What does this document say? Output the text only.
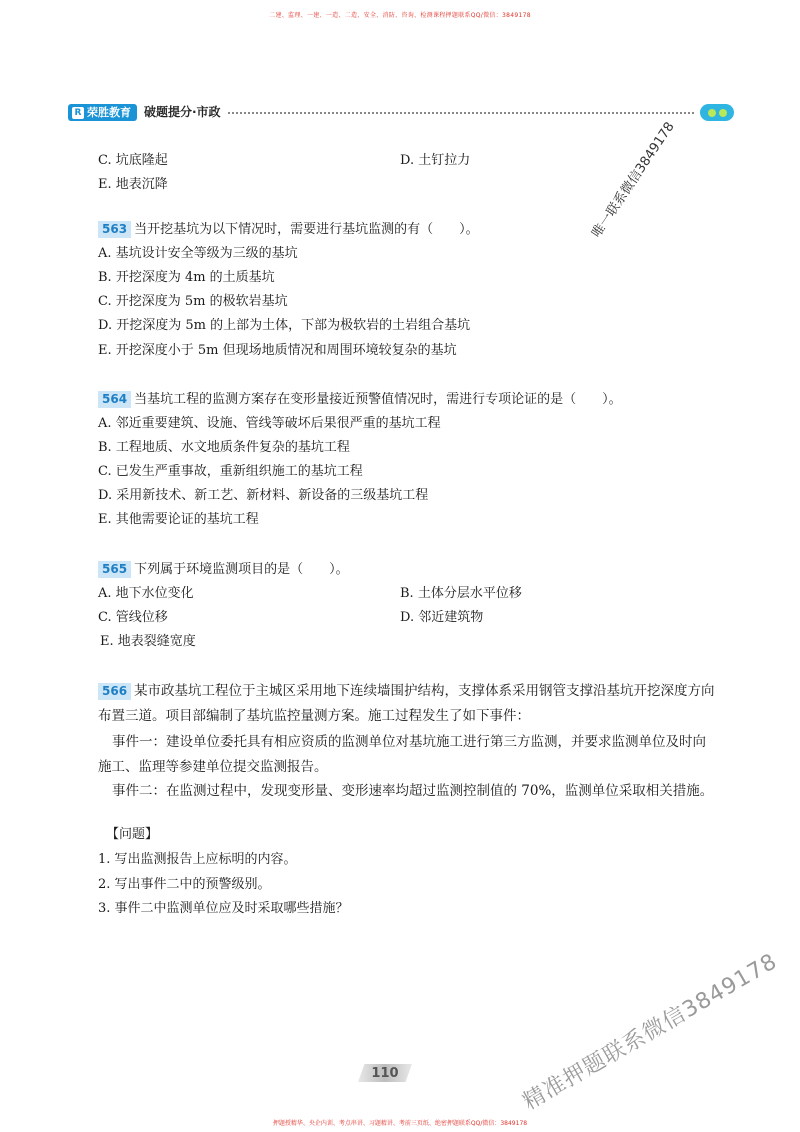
二建、监理、一建、一造、二造、安全、消防、咨询、检测课程押题联系QQ/微信：3849178
R 荣胜教育 破题提分·市政
C. 坑底隆起	D. 土钉拉力
E. 地表沉降
563 当开挖基坑为以下情况时，需要进行基坑监测的有（　　）。
A. 基坑设计安全等级为三级的基坑
B. 开挖深度为 4m 的土质基坑
C. 开挖深度为 5m 的极软岩基坑
D. 开挖深度为 5m 的上部为土体，下部为极软岩的土岩组合基坑
E. 开挖深度小于 5m 但现场地质情况和周围环境较复杂的基坑
564 当基坑工程的监测方案存在变形量接近预警值情况时，需进行专项论证的是（　　）。
A. 邻近重要建筑、设施、管线等破坏后果很严重的基坑工程
B. 工程地质、水文地质条件复杂的基坑工程
C. 已发生严重事故，重新组织施工的基坑工程
D. 采用新技术、新工艺、新材料、新设备的三级基坑工程
E. 其他需要论证的基坑工程
565 下列属于环境监测项目的是（　　）。
A. 地下水位变化	B. 土体分层水平位移
C. 管线位移	D. 邻近建筑物
E. 地表裂缝宽度
566 某市政基坑工程位于主城区采用地下连续墙围护结构，支撑体系采用钢管支撑沿基坑开挖深度方向布置三道。项目部编制了基坑监控量测方案。施工过程发生了如下事件：
事件一：建设单位委托具有相应资质的监测单位对基坑施工进行第三方监测，并要求监测单位及时向施工、监理等参建单位提交监测报告。
事件二：在监测过程中，发现变形量、变形速率均超过监测控制值的 70%，监测单位采取相关措施。
【问题】
1. 写出监测报告上应标明的内容。
2. 写出事件二中的预警级别。
3. 事件二中监测单位应及时采取哪些措施？
唯一联系微信3849178
精准押题联系微信3849178
110
押题授精华、央企内训、考点串讲、习题精讲、考前三页纸、绝密押题联系QQ/微信：3849178
